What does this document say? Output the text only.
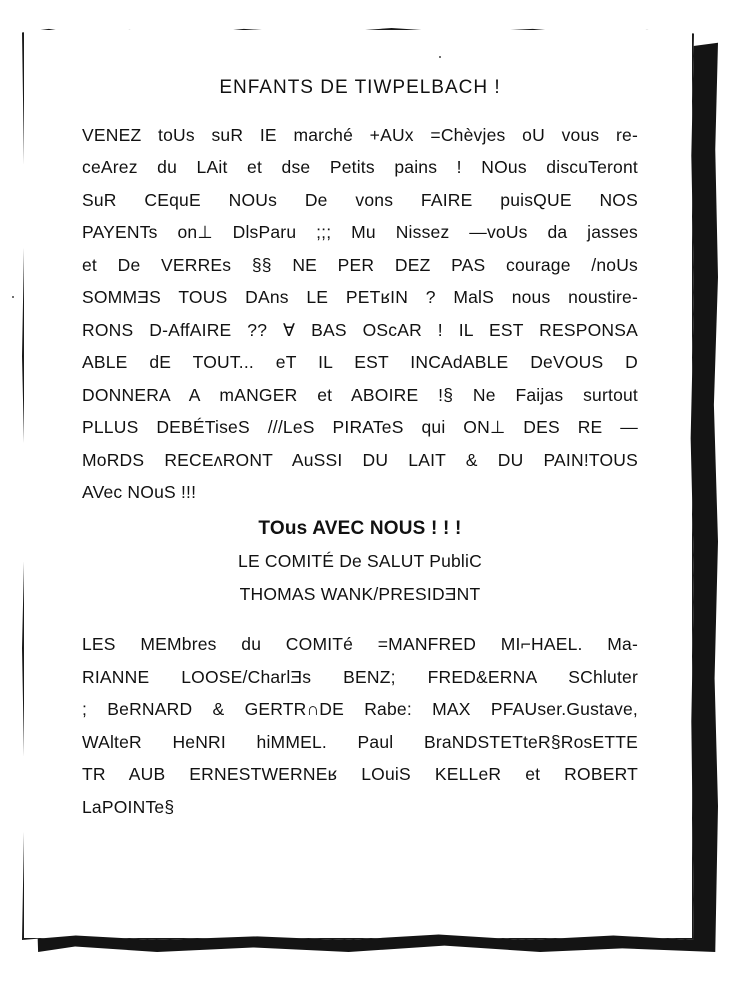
ENFANTS DE TIWPELBACH !

VENEZ toUs suR IE marché +AUx =Chèvjes oU vous re-

ceArez du LAit et dse Petits pains ! NOus discuTeront

SuR CEquE NOUs De vons FAIRE puisQUE NOS

PAYENTs on⊥ DlsParu ;;; Mu Nissez —voUs da jasses

et De VERREs §§ NE PER DEZ PAS courage /noUs

SOMMƎS TOUS DAns LE PETʁIN ? MalS nous noustire-

RONS D-AffAIRE ?? ∀ BAS OScAR ! IL EST RESPONSA

ABLE dE TOUT... eT IL EST INCAdABLE DeVOUS D

DONNERA A mANGER et ABOIRE !§ Ne Faijas surtout

PLLUS DEBÉTiseS ///LeS PIRATeS qui ON⊥ DES RE —

MoRDS RECEʌRONT AuSSI DU LAIT & DU PAIN!TOUS

AVec NOuS !!!

TOus AVEC NOUS ! ! !

LE COMITÉ De SALUT PubliC

THOMAS WANK/PRESIDƎNT

LES MEMbres du COMITé =MANFRED MI⌐HAEL. Ma-

RIANNE LOOSE/CharlƎs BENZ; FRED&ERNA SChluter

; BeRNARD & GERTR∩DE Rabe: MAX PFAUser.Gustave,

WAlteR HeNRI hiMMEL. Paul BraNDSTETteR§RosETTE

TR AUB ERNESTWERNEʁ LOuiS KELLeR et ROBERT

LaPOINTe§
